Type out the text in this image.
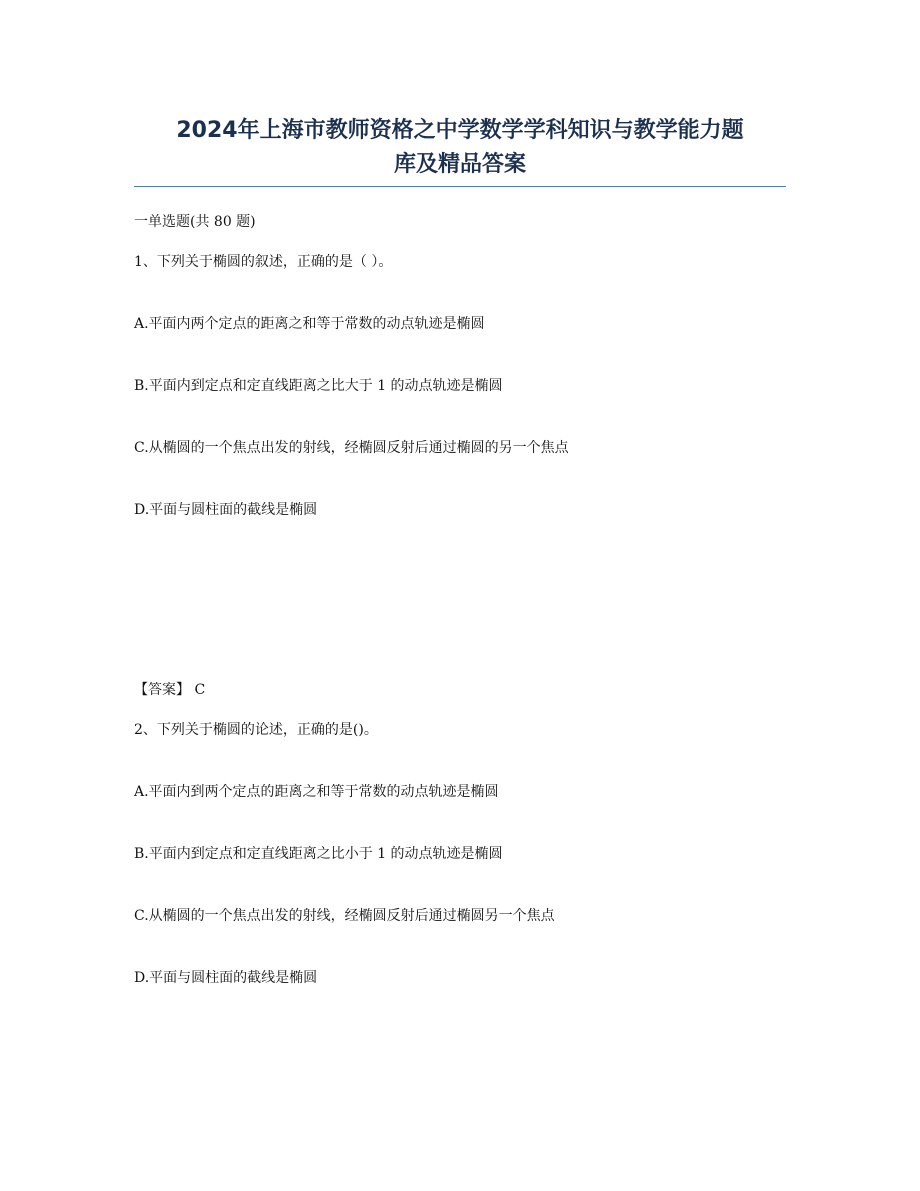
2024年上海市教师资格之中学数学学科知识与教学能力题
库及精品答案
一单选题(共 80 题)
1、下列关于椭圆的叙述，正确的是（ ）。
A.平面内两个定点的距离之和等于常数的动点轨迹是椭圆
B.平面内到定点和定直线距离之比大于 1 的动点轨迹是椭圆
C.从椭圆的一个焦点出发的射线，经椭圆反射后通过椭圆的另一个焦点
D.平面与圆柱面的截线是椭圆
【答案】 C
2、下列关于椭圆的论述，正确的是()。
A.平面内到两个定点的距离之和等于常数的动点轨迹是椭圆
B.平面内到定点和定直线距离之比小于 1 的动点轨迹是椭圆
C.从椭圆的一个焦点出发的射线，经椭圆反射后通过椭圆另一个焦点
D.平面与圆柱面的截线是椭圆
